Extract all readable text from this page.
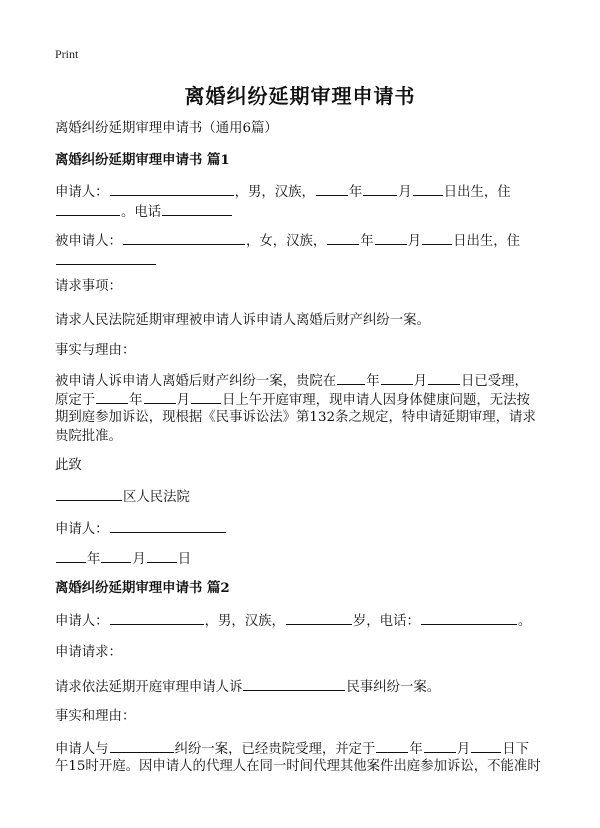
Print
离婚纠纷延期审理申请书
离婚纠纷延期审理申请书（通用6篇）
离婚纠纷延期审理申请书 篇1
申请人：	，男，汉族，	年	月 日出生，住
。电话
被申请人：	，女，汉族，	年	月 日出生，住
请求事项：
请求人民法院延期审理被申请人诉申请人离婚后财产纠纷一案。
事实与理由：
被申请人诉申请人离婚后财产纠纷一案，贵院在 年	月	日已受理，
原定于	年	月 日上午开庭审理，现申请人因身体健康问题，无法按
期到庭参加诉讼，现根据《民事诉讼法》第132条之规定，特申请延期审理，请求
贵院批准。
此致
区人民法院
申请人：
年 月 日
离婚纠纷延期审理申请书 篇2
申请人：	，男，汉族，	岁，电话：	。
申请请求：
请求依法延期开庭审理申请人诉	民事纠纷一案。
事实和理由：
申请人与	纠纷一案，已经贵院受理，并定于	年	月 日下
午15时开庭。因申请人的代理人在同一时间代理其他案件出庭参加诉讼，不能准时
